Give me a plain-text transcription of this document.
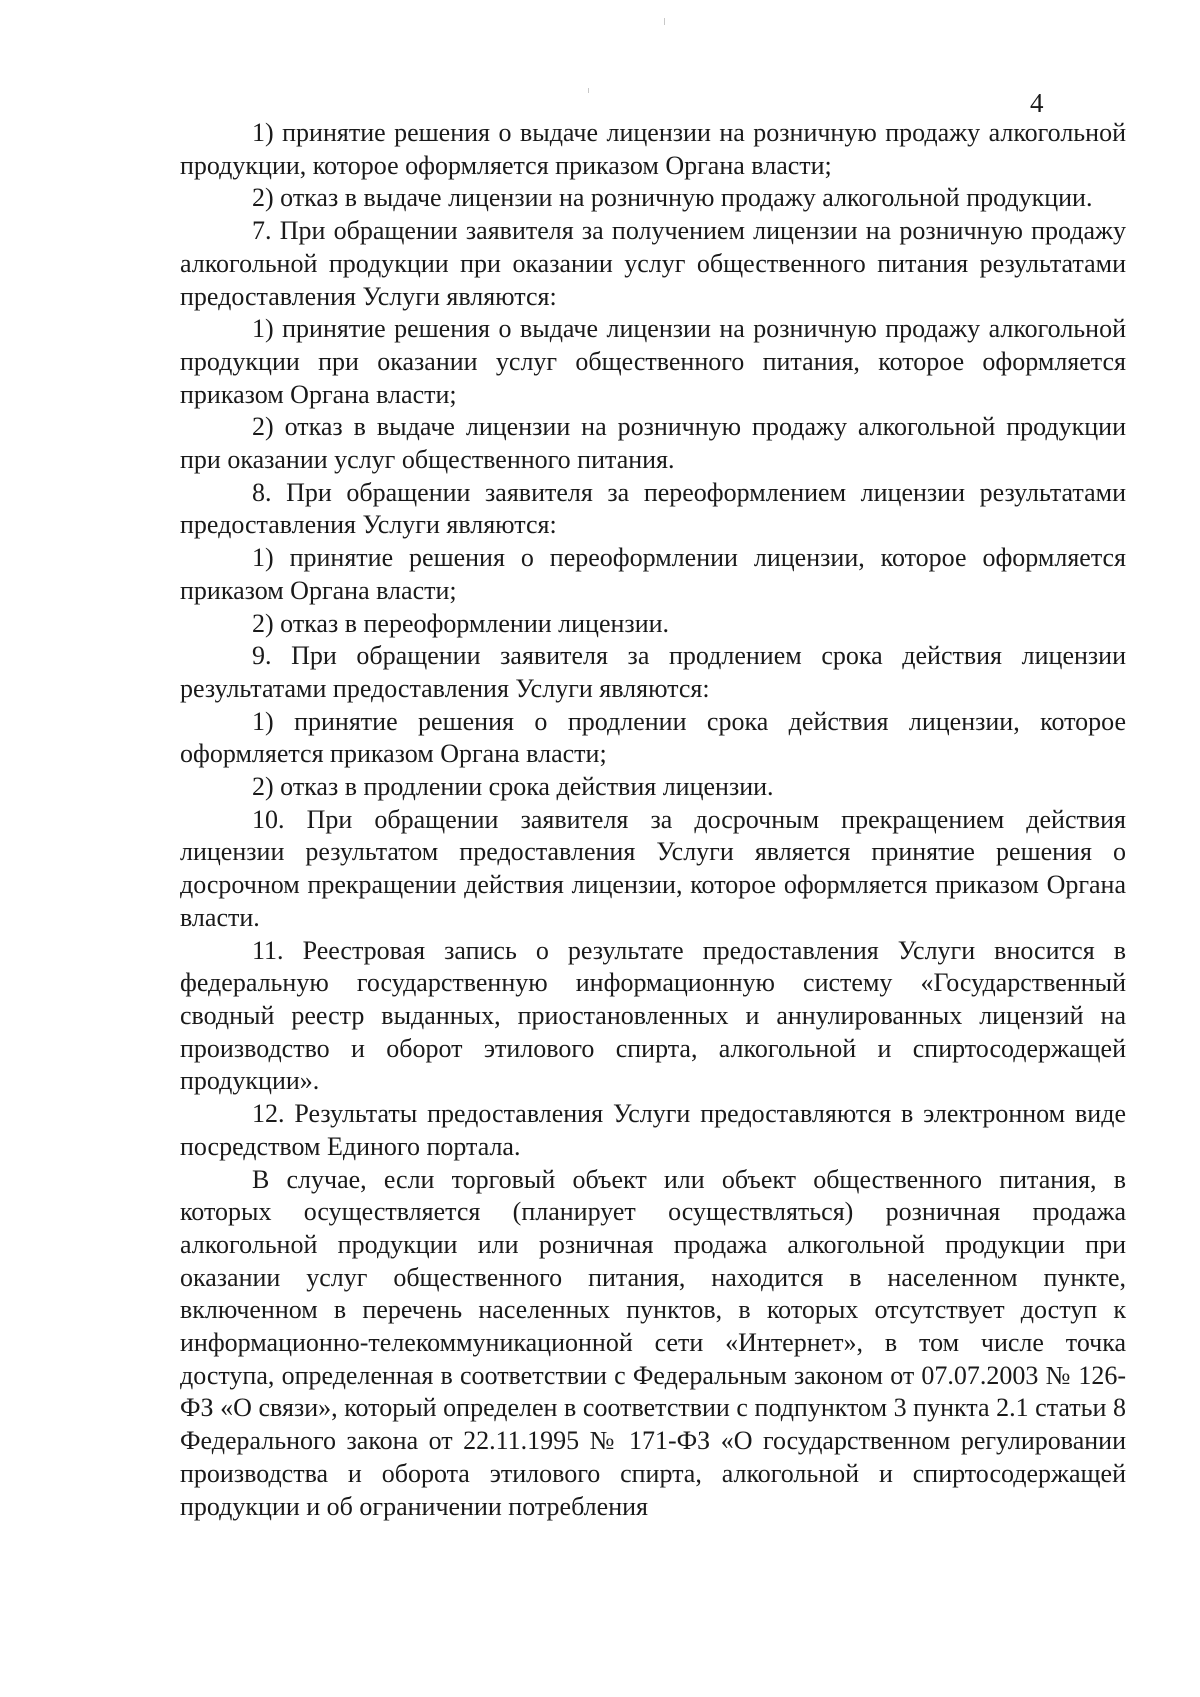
4

1) принятие решения о выдаче лицензии на розничную продажу алкогольной продукции, которое оформляется приказом Органа власти;

2) отказ в выдаче лицензии на розничную продажу алкогольной продукции.

7. При обращении заявителя за получением лицензии на розничную продажу алкогольной продукции при оказании услуг общественного питания результатами предоставления Услуги являются:

1) принятие решения о выдаче лицензии на розничную продажу алкогольной продукции при оказании услуг общественного питания, которое оформляется приказом Органа власти;

2) отказ в выдаче лицензии на розничную продажу алкогольной продукции при оказании услуг общественного питания.

8. При обращении заявителя за переоформлением лицензии результатами предоставления Услуги являются:

1) принятие решения о переоформлении лицензии, которое оформляется приказом Органа власти;

2) отказ в переоформлении лицензии.

9. При обращении заявителя за продлением срока действия лицензии результатами предоставления Услуги являются:

1) принятие решения о продлении срока действия лицензии, которое оформляется приказом Органа власти;

2) отказ в продлении срока действия лицензии.

10. При обращении заявителя за досрочным прекращением действия лицензии результатом предоставления Услуги является принятие решения о досрочном прекращении действия лицензии, которое оформляется приказом Органа власти.

11. Реестровая запись о результате предоставления Услуги вносится в федеральную государственную информационную систему «Государственный сводный реестр выданных, приостановленных и аннулированных лицензий на производство и оборот этилового спирта, алкогольной и спиртосодержащей продукции».

12. Результаты предоставления Услуги предоставляются в электронном виде посредством Единого портала.

В случае, если торговый объект или объект общественного питания, в которых осуществляется (планирует осуществляться) розничная продажа алкогольной продукции или розничная продажа алкогольной продукции при оказании услуг общественного питания, находится в населенном пункте, включенном в перечень населенных пунктов, в которых отсутствует доступ к информационно-телекоммуникационной сети «Интернет», в том числе точка доступа, определенная в соответствии с Федеральным законом от 07.07.2003 № 126-ФЗ «О связи», который определен в соответствии с подпунктом 3 пункта 2.1 статьи 8 Федерального закона от 22.11.1995 № 171-ФЗ «О государственном регулировании производства и оборота этилового спирта, алкогольной и спиртосодержащей продукции и об ограничении потребления
